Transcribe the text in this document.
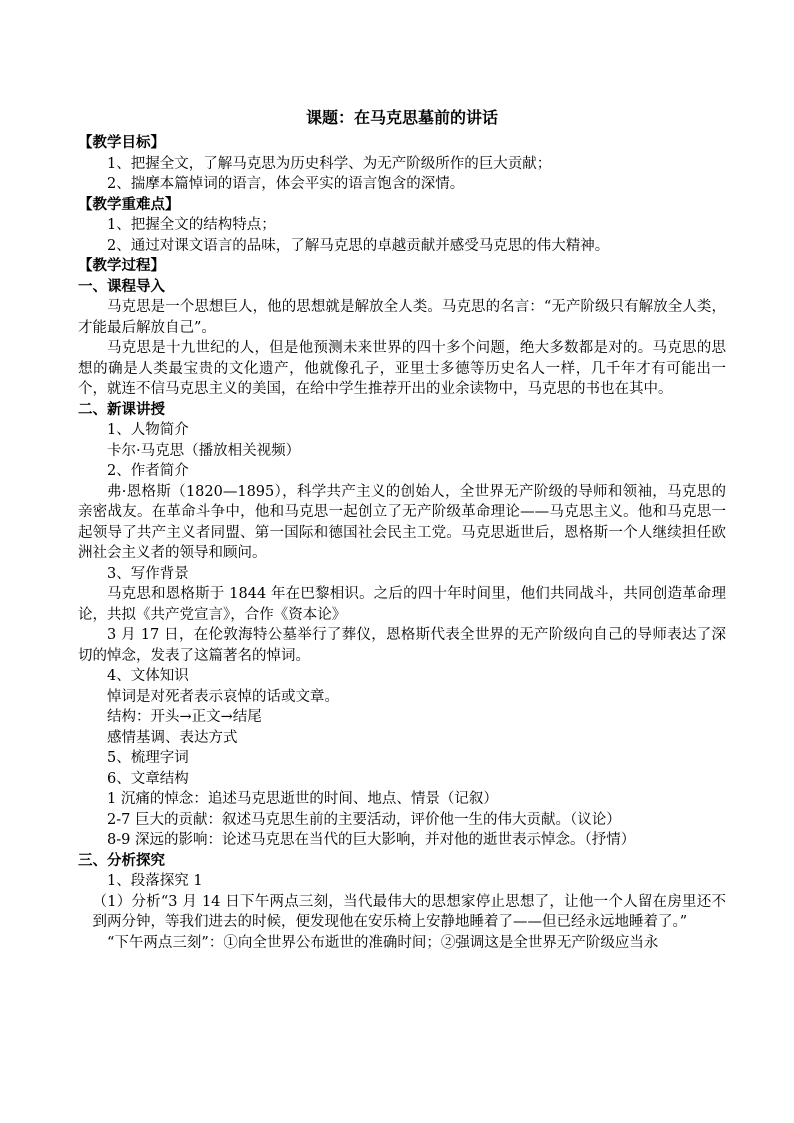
课题：在马克思墓前的讲话

【教学目标】

1、把握全文，了解马克思为历史科学、为无产阶级所作的巨大贡献；

2、揣摩本篇悼词的语言，体会平实的语言饱含的深情。

【教学重难点】

1、把握全文的结构特点；

2、通过对课文语言的品味，了解马克思的卓越贡献并感受马克思的伟大精神。

【教学过程】

一、课程导入

马克思是一个思想巨人，他的思想就是解放全人类。马克思的名言：“无产阶级只有解放全人类，才能最后解放自己”。

马克思是十九世纪的人，但是他预测未来世界的四十多个问题，绝大多数都是对的。马克思的思想的确是人类最宝贵的文化遗产，他就像孔子，亚里士多德等历史名人一样，几千年才有可能出一个，就连不信马克思主义的美国，在给中学生推荐开出的业余读物中，马克思的书也在其中。

二、新课讲授

1、人物简介

卡尔·马克思（播放相关视频）

2、作者简介

弗·恩格斯（1820—1895），科学共产主义的创始人，全世界无产阶级的导师和领袖，马克思的亲密战友。在革命斗争中，他和马克思一起创立了无产阶级革命理论——马克思主义。他和马克思一起领导了共产主义者同盟、第一国际和德国社会民主工党。马克思逝世后，恩格斯一个人继续担任欧洲社会主义者的领导和顾问。

3、写作背景

马克思和恩格斯于 1844 年在巴黎相识。之后的四十年时间里，他们共同战斗，共同创造革命理论，共拟《共产党宣言》，合作《资本论》

3 月 17 日，在伦敦海特公墓举行了葬仪，恩格斯代表全世界的无产阶级向自己的导师表达了深切的悼念，发表了这篇著名的悼词。

4、文体知识

悼词是对死者表示哀悼的话或文章。

结构：开头→正文→结尾

感情基调、表达方式

5、梳理字词

6、文章结构

1 沉痛的悼念：追述马克思逝世的时间、地点、情景（记叙）

2-7 巨大的贡献：叙述马克思生前的主要活动，评价他一生的伟大贡献。（议论）

8-9 深远的影响：论述马克思在当代的巨大影响，并对他的逝世表示悼念。（抒情）

三、分析探究

1、段落探究 1

（1）分析“3 月 14 日下午两点三刻，当代最伟大的思想家停止思想了，让他一个人留在房里还不到两分钟，等我们进去的时候，便发现他在安乐椅上安静地睡着了——但已经永远地睡着了。”

“下午两点三刻”：①向全世界公布逝世的准确时间；②强调这是全世界无产阶级应当永
